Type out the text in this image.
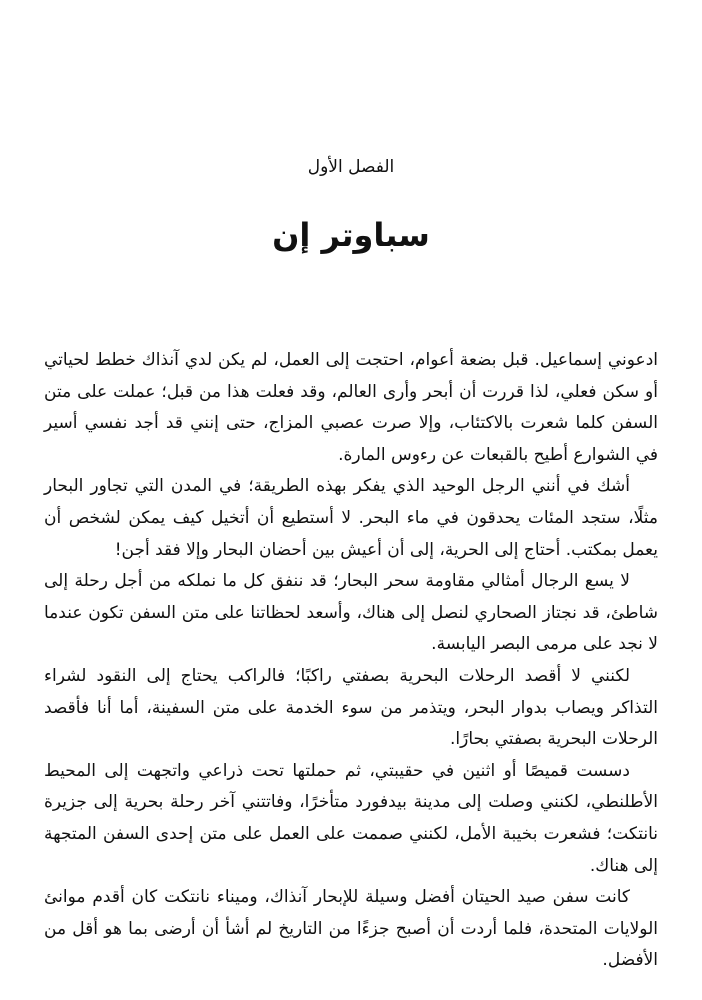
الفصل الأول
سباوتر إن

ادعوني إسماعيل. قبل بضعة أعوام، احتجت إلى العمل، لم يكن لدي آنذاك خطط لحياتي أو سكن فعلي، لذا قررت أن أبحر وأرى العالم، وقد فعلت هذا من قبل؛ عملت على متن السفن كلما شعرت بالاكتئاب، وإلا صرت عصبي المزاج، حتى إنني قد أجد نفسي أسير في الشوارع أطيح بالقبعات عن رءوس المارة.

أشك في أنني الرجل الوحيد الذي يفكر بهذه الطريقة؛ في المدن التي تجاور البحار مثلًا، ستجد المئات يحدقون في ماء البحر. لا أستطيع أن أتخيل كيف يمكن لشخص أن يعمل بمكتب. أحتاج إلى الحرية، إلى أن أعيش بين أحضان البحار وإلا فقد أجن!

لا يسع الرجال أمثالي مقاومة سحر البحار؛ قد ننفق كل ما نملكه من أجل رحلة إلى شاطئ، قد نجتاز الصحاري لنصل إلى هناك، وأسعد لحظاتنا على متن السفن تكون عندما لا نجد على مرمى البصر اليابسة.

لكنني لا أقصد الرحلات البحرية بصفتي راكبًا؛ فالراكب يحتاج إلى النقود لشراء التذاكر ويصاب بدوار البحر، ويتذمر من سوء الخدمة على متن السفينة، أما أنا فأقصد الرحلات البحرية بصفتي بحارًا.

دسست قميصًا أو اثنين في حقيبتي، ثم حملتها تحت ذراعي واتجهت إلى المحيط الأطلنطي، لكنني وصلت إلى مدينة بيدفورد متأخرًا، وفاتتني آخر رحلة بحرية إلى جزيرة نانتكت؛ فشعرت بخيبة الأمل، لكنني صممت على العمل على متن إحدى السفن المتجهة إلى هناك.

كانت سفن صيد الحيتان أفضل وسيلة للإبحار آنذاك، وميناء نانتكت كان أقدم موانئ الولايات المتحدة، فلما أردت أن أصبح جزءًا من التاريخ لم أشأ أن أرضى بما هو أقل من الأفضل.
